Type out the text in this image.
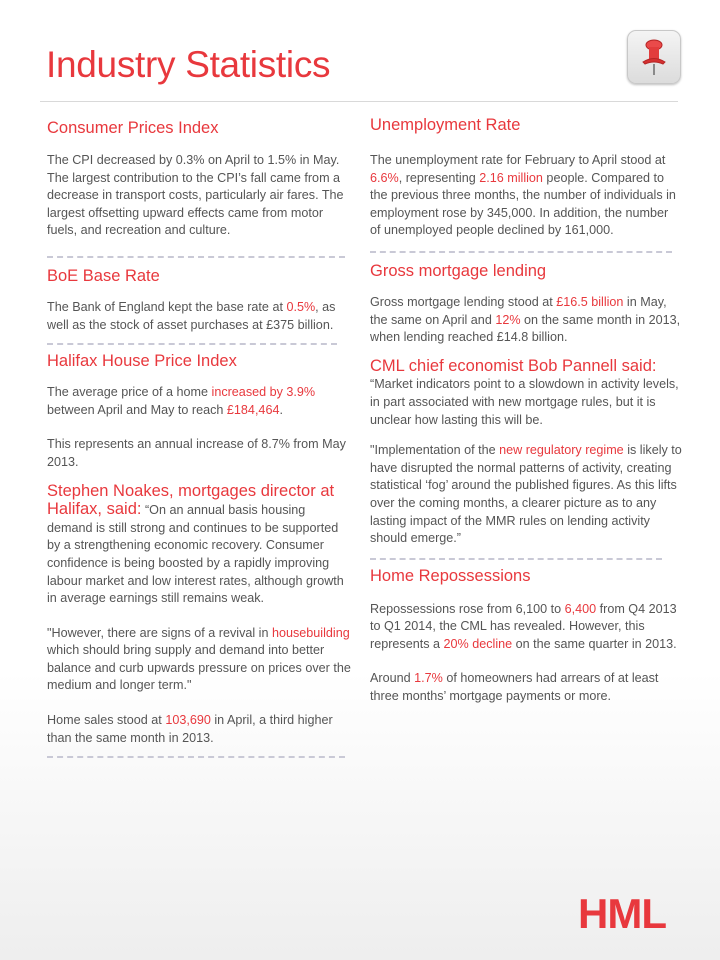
Industry Statistics
Consumer Prices Index

The CPI decreased by 0.3% on April to 1.5% in May. The largest contribution to the CPI’s fall came from a decrease in transport costs, particularly air fares. The largest offsetting upward effects came from motor fuels, and recreation and culture.

BoE Base Rate

The Bank of England kept the base rate at 0.5%, as well as the stock of asset purchases at £375 billion.

Halifax House Price Index

The average price of a home increased by 3.9% between April and May to reach £184,464.

This represents an annual increase of 8.7% from May 2013.

Stephen Noakes, mortgages director at Halifax, said: “On an annual basis housing demand is still strong and continues to be supported by a strengthening economic recovery. Consumer confidence is being boosted by a rapidly improving labour market and low interest rates, although growth in average earnings still remains weak.

"However, there are signs of a revival in housebuilding which should bring supply and demand into better balance and curb upwards pressure on prices over the medium and longer term."

Home sales stood at 103,690 in April, a third higher than the same month in 2013.

Unemployment Rate

The unemployment rate for February to April stood at 6.6%, representing 2.16 million people. Compared to the previous three months, the number of individuals in employment rose by 345,000. In addition, the number of unemployed people declined by 161,000.

Gross mortgage lending

Gross mortgage lending stood at £16.5 billion in May, the same on April and 12% on the same month in 2013, when lending reached £14.8 billion.

CML chief economist Bob Pannell said: “Market indicators point to a slowdown in activity levels, in part associated with new mortgage rules, but it is unclear how lasting this will be.

"Implementation of the new regulatory regime is likely to have disrupted the normal patterns of activity, creating statistical ‘fog’ around the published figures. As this lifts over the coming months, a clearer picture as to any lasting impact of the MMR rules on lending activity should emerge.”

Home Repossessions

Repossessions rose from 6,100 to 6,400 from Q4 2013 to Q1 2014, the CML has revealed. However, this represents a 20% decline on the same quarter in 2013.

Around 1.7% of homeowners had arrears of at least three months’ mortgage payments or more.

HML
